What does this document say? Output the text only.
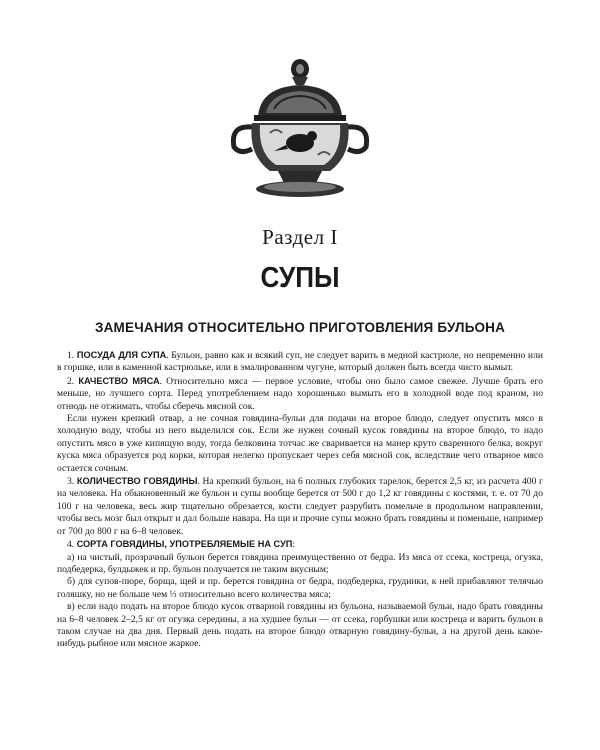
Раздел I
СУПЫ
ЗАМЕЧАНИЯ ОТНОСИТЕЛЬНО ПРИГОТОВЛЕНИЯ БУЛЬОНА

1. ПОСУДА ДЛЯ СУПА. Бульон, равно как и всякий суп, не следует варить в медной кастрюле, но непременно или в горшке, или в каменной кастрюльке, или в эмалированном чугуне, который должен быть всегда чисто вымыт.

2. КАЧЕСТВО МЯСА. Относительно мяса — первое условие, чтобы оно было самое свежее. Лучше брать его меньше, но лучшего сорта. Перед употреблением надо хорошенько вымыть его в холодной воде под краном, но отнюдь не отжимать, чтобы сберечь мясной сок.

Если нужен крепкий отвар, а не сочная говядина-бульи для подачи на второе блюдо, следует опустить мясо в холодную воду, чтобы из него выделился сок. Если же нужен сочный кусок говядины на второе блюдо, то надо опустить мясо в уже кипящую воду, тогда белковина тотчас же сваривается на манер круто сваренного белка, вокруг куска мяса образуется род корки, которая нелегко пропускает через себя мясной сок, вследствие чего отварное мясо остается сочным.

3. КОЛИЧЕСТВО ГОВЯДИНЫ. На крепкий бульон, на 6 полных глубоких тарелок, берется 2,5 кг, из расчета 400 г на человека. На обыкновенный же бульон и супы вообще берется от 500 г до 1,2 кг говядины с костями, т. е. от 70 до 100 г на человека, весь жир тщательно обрезается, кости следует разрубить помельче в продольном направлении, чтобы весь мозг был открыт и дал больше навара. На щи и прочие супы можно брать говядины и поменьше, например от 700 до 800 г на 6–8 человек.

4. СОРТА ГОВЯДИНЫ, УПОТРЕБЛЯЕМЫЕ НА СУП:

а) на чистый, прозрачный бульон берется говядина преимущественно от бедра. Из мяса от ссека, костреца, огузка, подбедерка, булдыжек и пр. бульон получается не таким вкусным;

б) для супов-пюре, борща, щей и пр. берется говядина от бедра, подбедерка, грудинки, к ней прибавляют телячью голяшку, но не больше чем ⅓ относительно всего количества мяса;

в) если надо подать на второе блюдо кусок отварной говядины из бульона, называемой бульи, надо брать говядины на 6–8 человек 2–2,5 кг от огузка середины, а на худшее бульи — от ссека, горбушки или костреца и варить бульон в таком случае на два дня. Первый день подать на второе блюдо отварную говядину-бульи, а на другой день какое-нибудь рыбное или мясное жаркое.
